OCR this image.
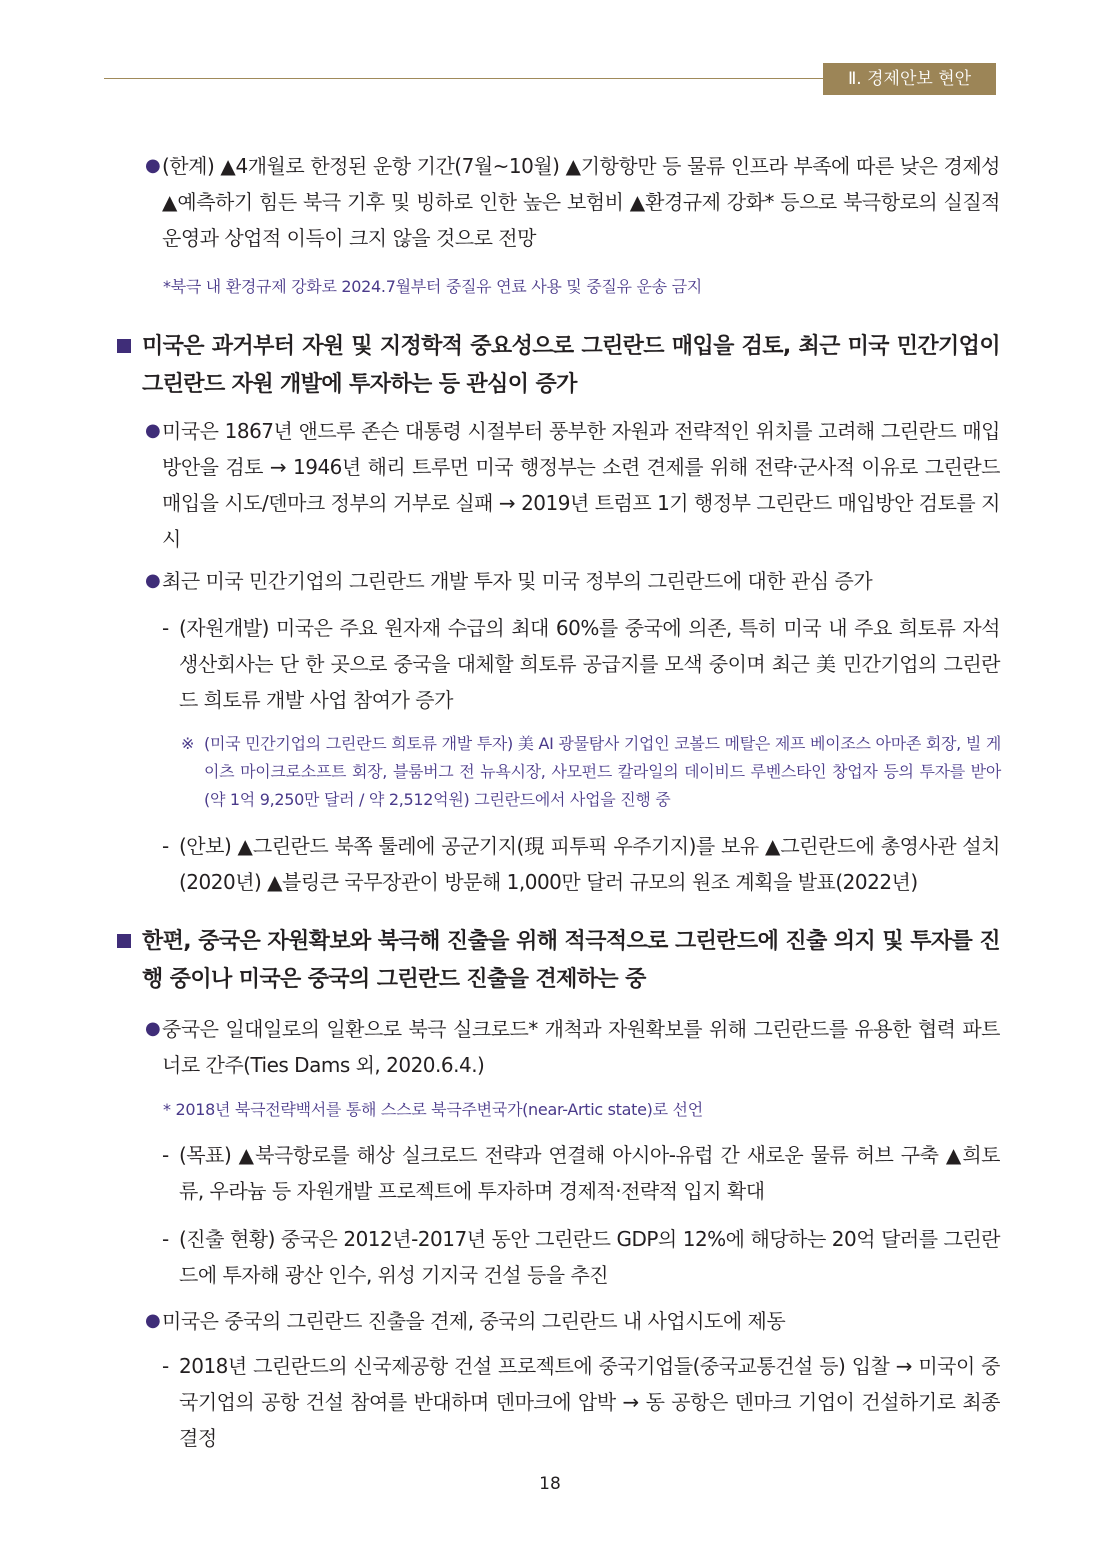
Ⅱ. 경제안보 현안
● (한계) ▲4개월로 한정된 운항 기간(7월~10월) ▲기항항만 등 물류 인프라 부족에 따른 낮은 경제성 ▲예측하기 힘든 북극 기후 및 빙하로 인한 높은 보험비 ▲환경규제 강화* 등으로 북극항로의 실질적 운영과 상업적 이득이 크지 않을 것으로 전망
*북극 내 환경규제 강화로 2024.7월부터 중질유 연료 사용 및 중질유 운송 금지
미국은 과거부터 자원 및 지정학적 중요성으로 그린란드 매입을 검토, 최근 미국 민간기업이 그린란드 자원 개발에 투자하는 등 관심이 증가
● 미국은 1867년 앤드루 존슨 대통령 시절부터 풍부한 자원과 전략적인 위치를 고려해 그린란드 매입방안을 검토 → 1946년 해리 트루먼 미국 행정부는 소련 견제를 위해 전략·군사적 이유로 그린란드 매입을 시도/덴마크 정부의 거부로 실패 → 2019년 트럼프 1기 행정부 그린란드 매입방안 검토를 지시
● 최근 미국 민간기업의 그린란드 개발 투자 및 미국 정부의 그린란드에 대한 관심 증가
- (자원개발) 미국은 주요 원자재 수급의 최대 60%를 중국에 의존, 특히 미국 내 주요 희토류 자석 생산회사는 단 한 곳으로 중국을 대체할 희토류 공급지를 모색 중이며 최근 美 민간기업의 그린란드 희토류 개발 사업 참여가 증가
※ (미국 민간기업의 그린란드 희토류 개발 투자) 美 AI 광물탐사 기업인 코볼드 메탈은 제프 베이조스 아마존 회장, 빌 게이츠 마이크로소프트 회장, 블룸버그 전 뉴욕시장, 사모펀드 칼라일의 데이비드 루벤스타인 창업자 등의 투자를 받아 (약 1억 9,250만 달러 / 약 2,512억원) 그린란드에서 사업을 진행 중
- (안보) ▲그린란드 북쪽 툴레에 공군기지(現 피투픽 우주기지)를 보유 ▲그린란드에 총영사관 설치(2020년) ▲블링큰 국무장관이 방문해 1,000만 달러 규모의 원조 계획을 발표(2022년)
한편, 중국은 자원확보와 북극해 진출을 위해 적극적으로 그린란드에 진출 의지 및 투자를 진행 중이나 미국은 중국의 그린란드 진출을 견제하는 중
● 중국은 일대일로의 일환으로 북극 실크로드* 개척과 자원확보를 위해 그린란드를 유용한 협력 파트너로 간주(Ties Dams 외, 2020.6.4.)
* 2018년 북극전략백서를 통해 스스로 북극주변국가(near-Artic state)로 선언
- (목표) ▲북극항로를 해상 실크로드 전략과 연결해 아시아-유럽 간 새로운 물류 허브 구축 ▲희토류, 우라늄 등 자원개발 프로젝트에 투자하며 경제적·전략적 입지 확대
- (진출 현황) 중국은 2012년-2017년 동안 그린란드 GDP의 12%에 해당하는 20억 달러를 그린란드에 투자해 광산 인수, 위성 기지국 건설 등을 추진
● 미국은 중국의 그린란드 진출을 견제, 중국의 그린란드 내 사업시도에 제동
- 2018년 그린란드의 신국제공항 건설 프로젝트에 중국기업들(중국교통건설 등) 입찰 → 미국이 중국기업의 공항 건설 참여를 반대하며 덴마크에 압박 → 동 공항은 덴마크 기업이 건설하기로 최종결정
18
